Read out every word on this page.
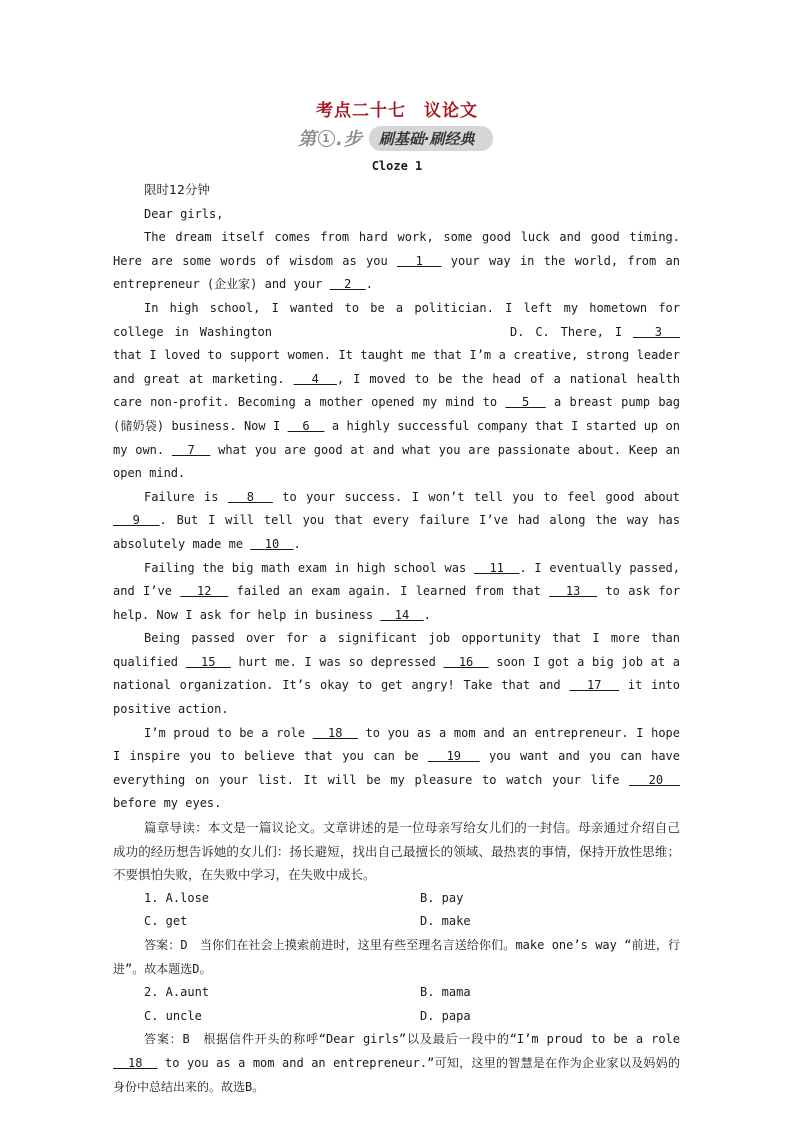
考点二十七　议论文
第 1 .步	刷基础·刷经典
Cloze 1

限时12分钟

Dear girls,

The dream itself comes from hard work, some good luck and good timing. Here are some words of wisdom as you   1   your way in the world, from an entrepreneur (企业家) and your   2  .

In high school, I wanted to be a politician. I left my hometown for college in Washington	D. C. There, I   3   that I loved to support women. It taught me that I’m a creative, strong leader and great at marketing.   4  , I moved to be the head of a national health care non-profit. Becoming a mother opened my mind to   5   a breast pump bag (储奶袋) business. Now I   6   a highly successful company that I started up on my own.   7   what you are good at and what you are passionate about. Keep an open mind.

Failure is   8   to your success. I won’t tell you to feel good about   9  . But I will tell you that every failure I’ve had along the way has absolutely made me   10  .

Failing the big math exam in high school was   11  . I eventually passed, and I’ve   12   failed an exam again. I learned from that   13   to ask for help. Now I ask for help in business   14  .

Being passed over for a significant job opportunity that I more than qualified   15   hurt me. I was so depressed   16   soon I got a big job at a national organization. It’s okay to get angry! Take that and   17   it into positive action.

I’m proud to be a role   18   to you as a mom and an entrepreneur. I hope I inspire you to believe that you can be   19   you want and you can have everything on your list. It will be my pleasure to watch your life   20   before my eyes.

篇章导读：本文是一篇议论文。文章讲述的是一位母亲写给女儿们的一封信。母亲通过介绍自己成功的经历想告诉她的女儿们：扬长避短，找出自己最擅长的领域、最热衷的事情，保持开放性思维；不要惧怕失败，在失败中学习，在失败中成长。

1. A.lose	B. pay
C. get	D. make

答案：D　当你们在社会上摸索前进时，这里有些至理名言送给你们。make one’s way “前进，行进”。故本题选D。

2. A.aunt	B. mama
C. uncle	D. papa

答案：B　根据信件开头的称呼“Dear girls”以及最后一段中的“I’m proud to be a role   18   to you as a mom and an entrepreneur.”可知，这里的智慧是在作为企业家以及妈妈的身份中总结出来的。故选B。
